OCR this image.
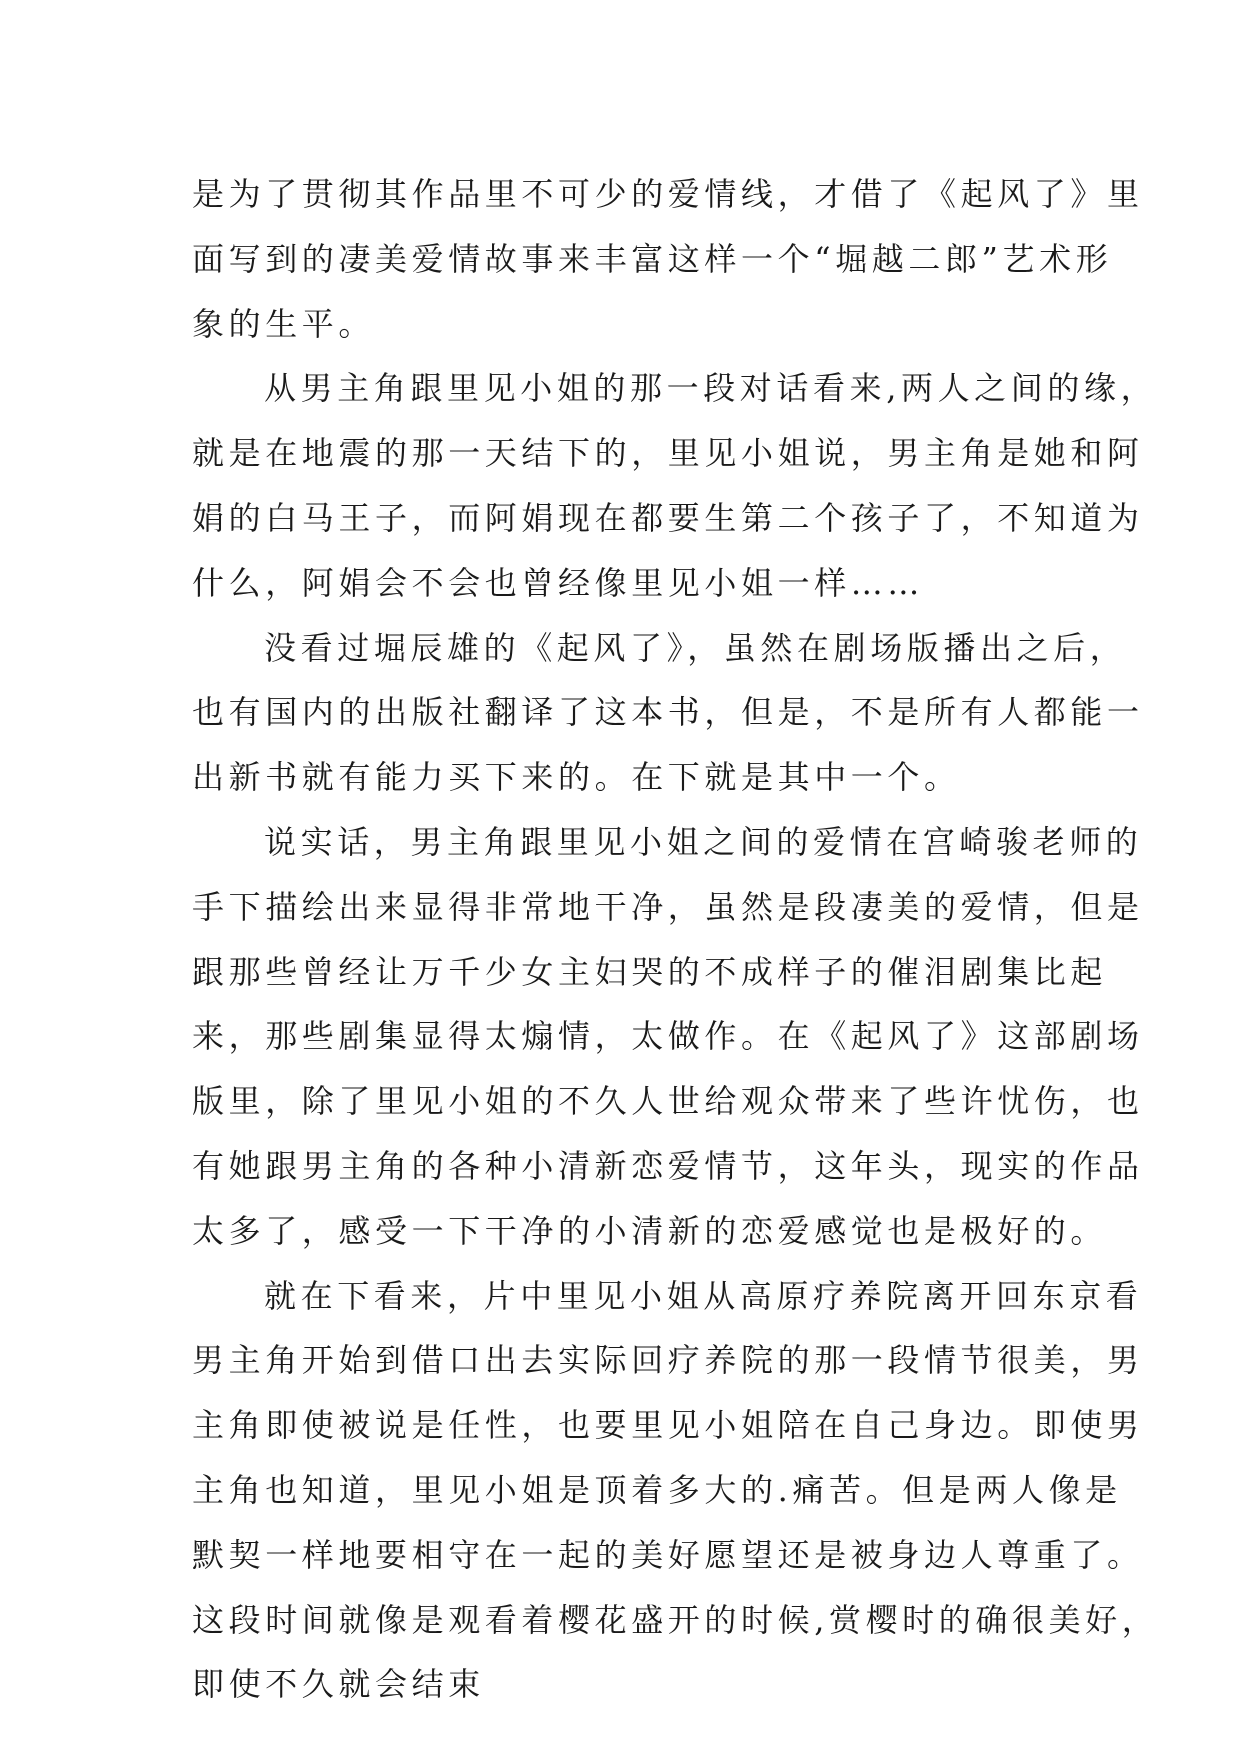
是为了贯彻其作品里不可少的爱情线，才借了《起风了》里
面写到的凄美爱情故事来丰富这样一个“堀越二郎”艺术形
象的生平。
从男主角跟里见小姐的那一段对话看来,两人之间的缘，
就是在地震的那一天结下的，里见小姐说，男主角是她和阿
娟的白马王子，而阿娟现在都要生第二个孩子了，不知道为
什么，阿娟会不会也曾经像里见小姐一样……
没看过堀辰雄的《起风了》，虽然在剧场版播出之后，
也有国内的出版社翻译了这本书，但是，不是所有人都能一
出新书就有能力买下来的。在下就是其中一个。
说实话，男主角跟里见小姐之间的爱情在宫崎骏老师的
手下描绘出来显得非常地干净，虽然是段凄美的爱情，但是
跟那些曾经让万千少女主妇哭的不成样子的催泪剧集比起
来，那些剧集显得太煽情，太做作。在《起风了》这部剧场
版里，除了里见小姐的不久人世给观众带来了些许忧伤，也
有她跟男主角的各种小清新恋爱情节，这年头，现实的作品
太多了，感受一下干净的小清新的恋爱感觉也是极好的。
就在下看来，片中里见小姐从高原疗养院离开回东京看
男主角开始到借口出去实际回疗养院的那一段情节很美，男
主角即使被说是任性，也要里见小姐陪在自己身边。即使男
主角也知道，里见小姐是顶着多大的.痛苦。但是两人像是
默契一样地要相守在一起的美好愿望还是被身边人尊重了。
这段时间就像是观看着樱花盛开的时候,赏樱时的确很美好，
即使不久就会结束
